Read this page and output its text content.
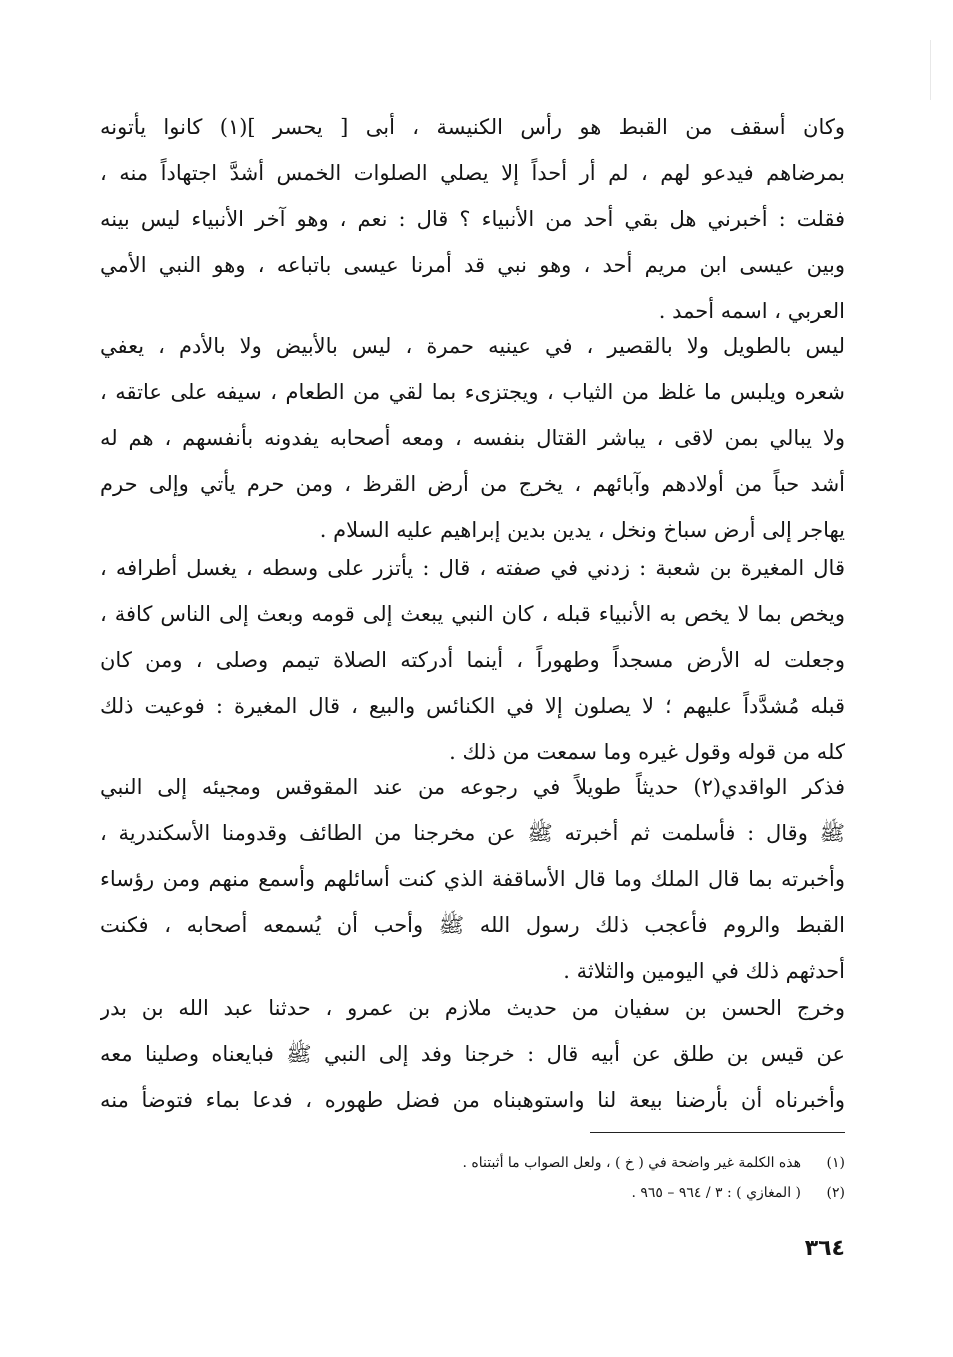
وكان أسقف من القبط هو رأس الكنيسة ، أبى [ يحسر ](١) كانوا يأتونه
بمرضاهم فيدعو لهم ، لم أر أحداً إلا يصلي الصلوات الخمس أشدَّ اجتهاداً منه ،
فقلت : أخبرني هل بقي أحد من الأنبياء ؟ قال : نعم ، وهو آخر الأنبياء ليس بينه
وبين عيسى ابن مريم أحد ، وهو نبي قد أمرنا عيسى باتباعه ، وهو النبي الأمي
العربي ، اسمه أحمد .
ليس بالطويل ولا بالقصير ، في عينيه حمرة ، ليس بالأبيض ولا بالأدم ، يعفي
شعره ويلبس ما غلظ من الثياب ، ويجتزىء بما لقي من الطعام ، سيفه على عاتقه ،
ولا يبالي بمن لاقى ، يباشر القتال بنفسه ، ومعه أصحابه يفدونه بأنفسهم ، هم له
أشد حباً من أولادهم وآبائهم ، يخرج من أرض القرظ ، ومن حرم يأتي وإلى حرم
يهاجر إلى أرض سباخ ونخل ، يدين بدين إبراهيم عليه السلام .
قال المغيرة بن شعبة : زدني في صفته ، قال : يأتزر على وسطه ، يغسل أطرافه ،
ويخص بما لا يخص به الأنبياء قبله ، كان النبي يبعث إلى قومه وبعث إلى الناس كافة ،
وجعلت له الأرض مسجداً وطهوراً ، أينما أدركته الصلاة تيمم وصلى ، ومن كان
قبله مُشدَّداً عليهم ؛ لا يصلون إلا في الكنائس والبيع ، قال المغيرة : فوعيت ذلك
كله من قوله وقول غيره وما سمعت من ذلك .
فذكر الواقدي(٢) حديثاً طويلاً في رجوعه من عند المقوقس ومجيئه إلى النبي
ﷺ وقال : فأسلمت ثم أخبرته ﷺ عن مخرجنا من الطائف وقدومنا الأسكندرية ،
وأخبرته بما قال الملك وما قال الأساقفة الذي كنت أسائلهم وأسمع منهم ومن رؤساء
القبط والروم فأعجب ذلك رسول الله ﷺ وأحب أن يُسمعه أصحابه ، فكنت
أحدثهم ذلك في اليومين والثلاثة .
وخرج الحسن بن سفيان من حديث ملازم بن عمرو ، حدثنا عبد الله بن بدر
عن قيس بن طلق عن أبيه قال : خرجنا وفد إلى النبي ﷺ فبايعناه وصلينا معه
وأخبرناه أن بأرضنا بيعة لنا واستوهبناه من فضل طهوره ، فدعا بماء فتوضأ منه
(١)
هذه الكلمة غير واضحة في ( خ ) ، ولعل الصواب ما أثبتناه .
(٢)
( المغازي ) : ٣ / ٩٦٤ – ٩٦٥ .
٣٦٤
